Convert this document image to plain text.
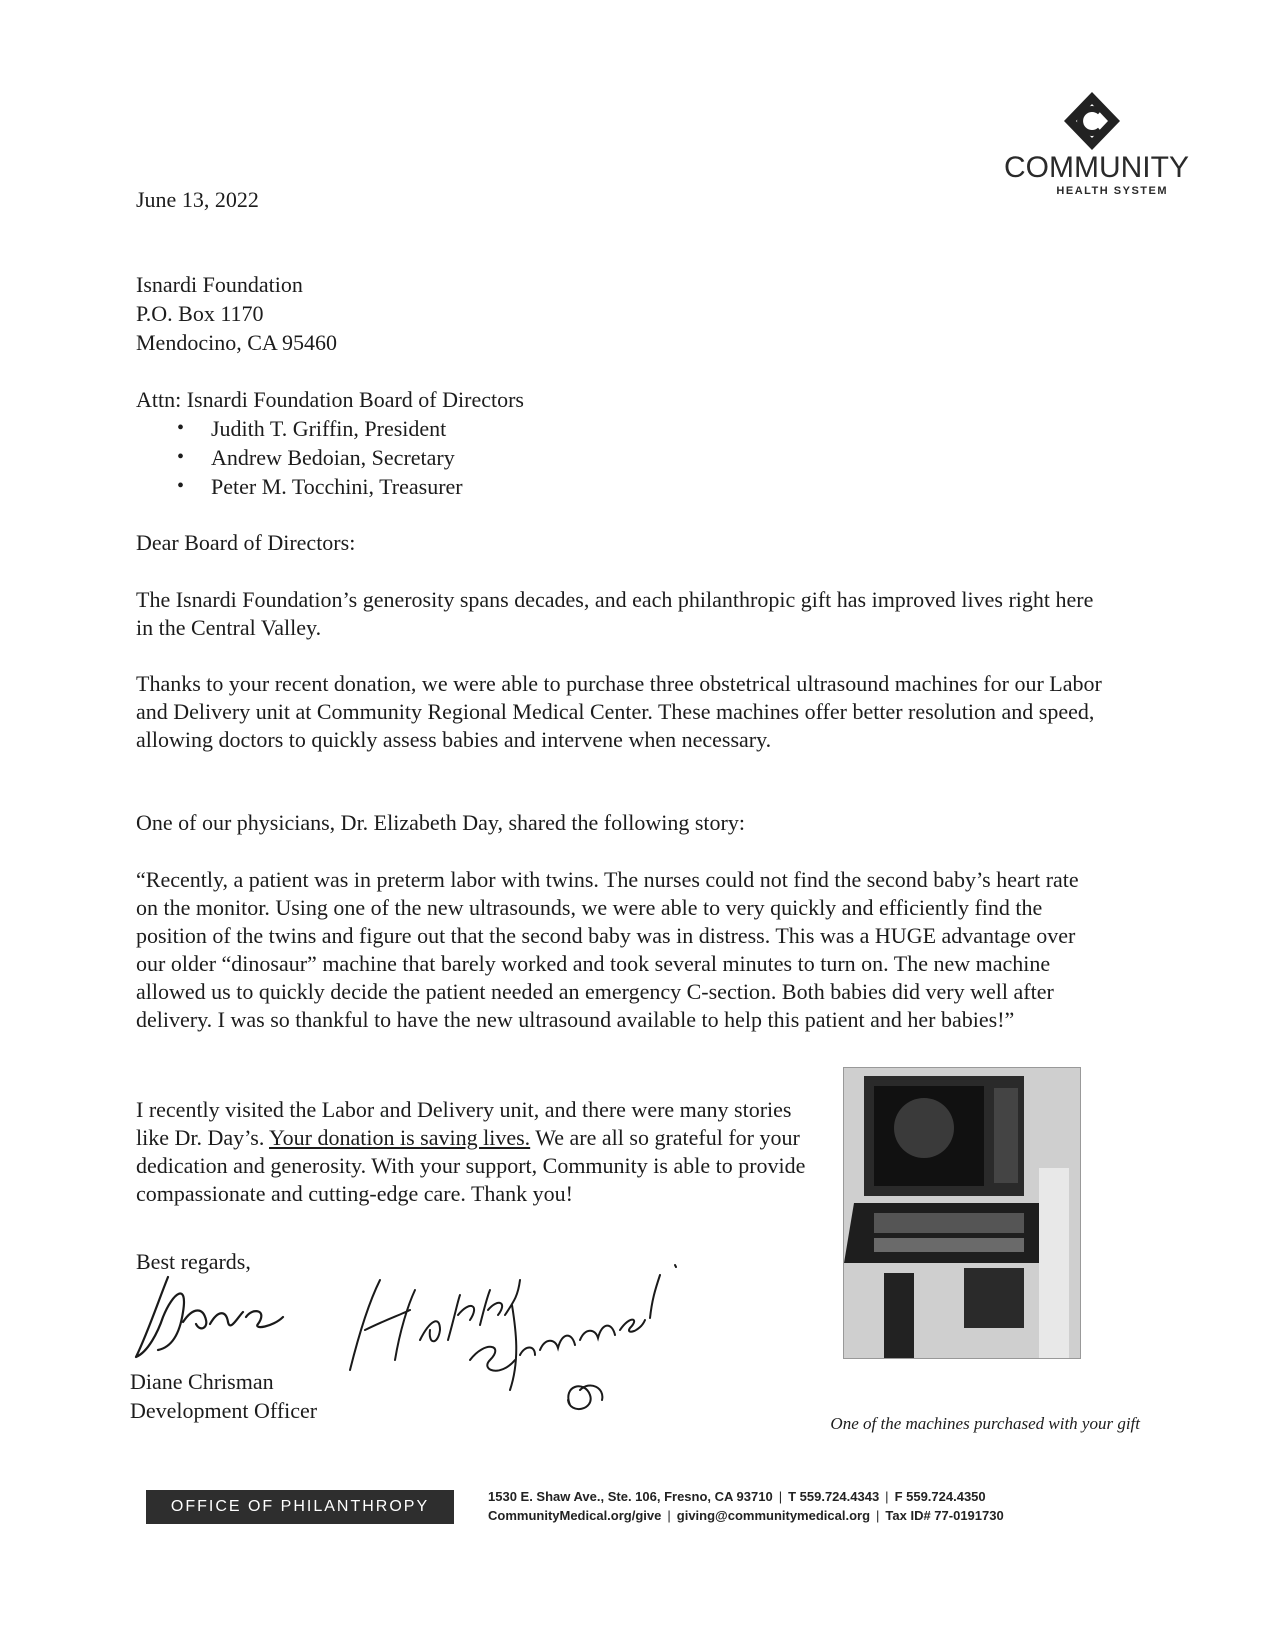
COMMUNITY
HEALTH SYSTEM
June 13, 2022
Isnardi Foundation
P.O. Box 1170
Mendocino, CA 95460
Attn: Isnardi Foundation Board of Directors
• Judith T. Griffin, President
• Andrew Bedoian, Secretary
• Peter M. Tocchini, Treasurer
Dear Board of Directors:

The Isnardi Foundation’s generosity spans decades, and each philanthropic gift has improved lives right here in the Central Valley.

Thanks to your recent donation, we were able to purchase three obstetrical ultrasound machines for our Labor and Delivery unit at Community Regional Medical Center. These machines offer better resolution and speed, allowing doctors to quickly assess babies and intervene when necessary.

One of our physicians, Dr. Elizabeth Day, shared the following story:

“Recently, a patient was in preterm labor with twins. The nurses could not find the second baby’s heart rate on the monitor. Using one of the new ultrasounds, we were able to very quickly and efficiently find the position of the twins and figure out that the second baby was in distress. This was a HUGE advantage over our older “dinosaur” machine that barely worked and took several minutes to turn on. The new machine allowed us to quickly decide the patient needed an emergency C-section. Both babies did very well after delivery. I was so thankful to have the new ultrasound available to help this patient and her babies!”

I recently visited the Labor and Delivery unit, and there were many stories like Dr. Day’s. Your donation is saving lives. We are all so grateful for your dedication and generosity. With your support, Community is able to provide compassionate and cutting-edge care. Thank you!

Best regards,
Diane Chrisman
Development Officer
One of the machines purchased with your gift
OFFICE OF PHILANTHROPY
1530 E. Shaw Ave., Ste. 106, Fresno, CA 93710 | T 559.724.4343 | F 559.724.4350
CommunityMedical.org/give | giving@communitymedical.org | Tax ID# 77-0191730
